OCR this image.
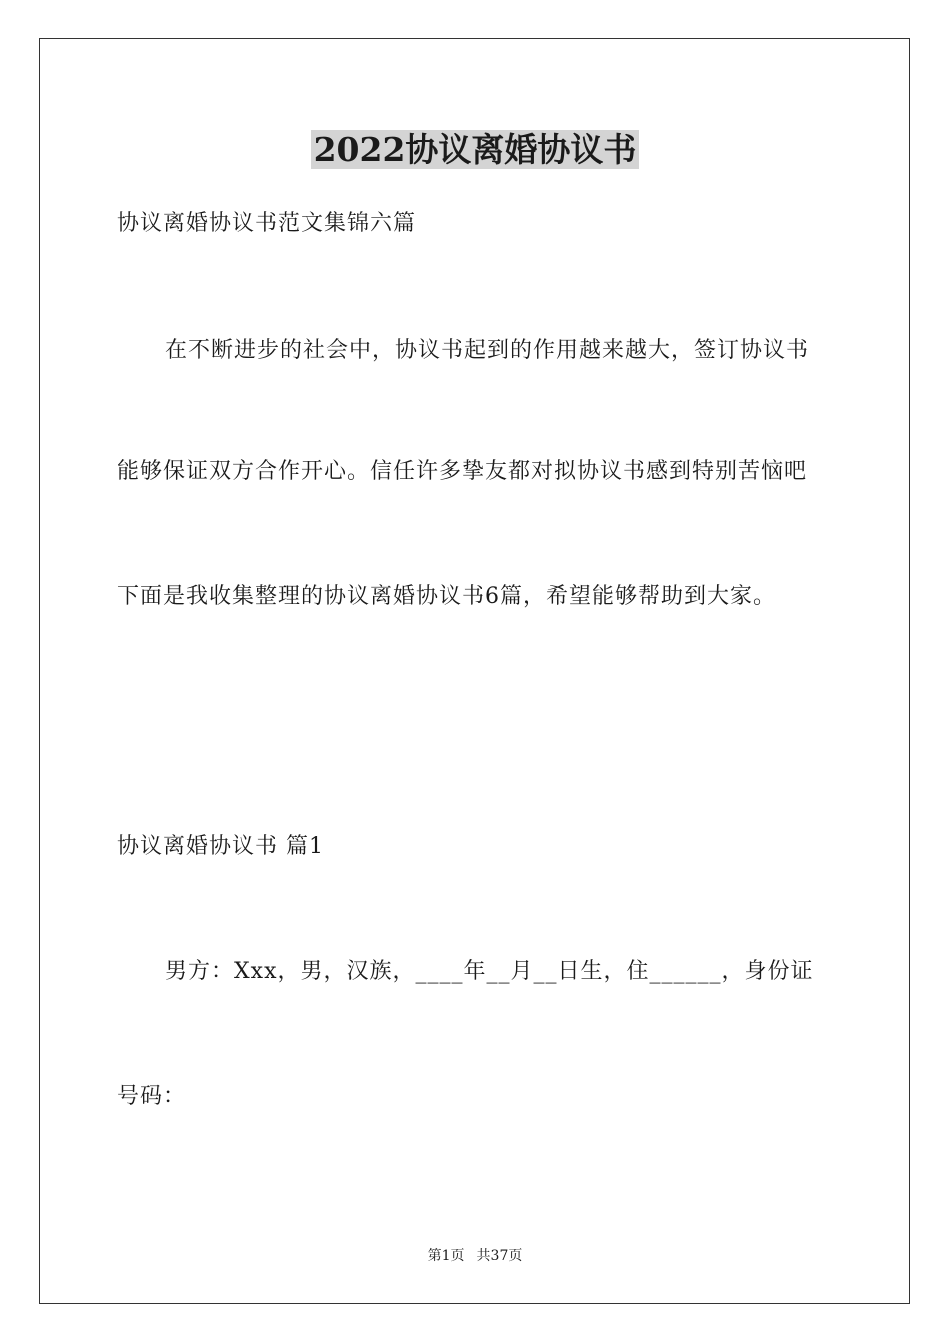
2022协议离婚协议书
协议离婚协议书范文集锦六篇
在不断进步的社会中，协议书起到的作用越来越大，签订协议书
能够保证双方合作开心。信任许多挚友都对拟协议书感到特别苦恼吧
下面是我收集整理的协议离婚协议书6篇，希望能够帮助到大家。
协议离婚协议书 篇1
男方：Xxx，男，汉族，____年__月__日生，住______，身份证
号码：
第1页 共37页
